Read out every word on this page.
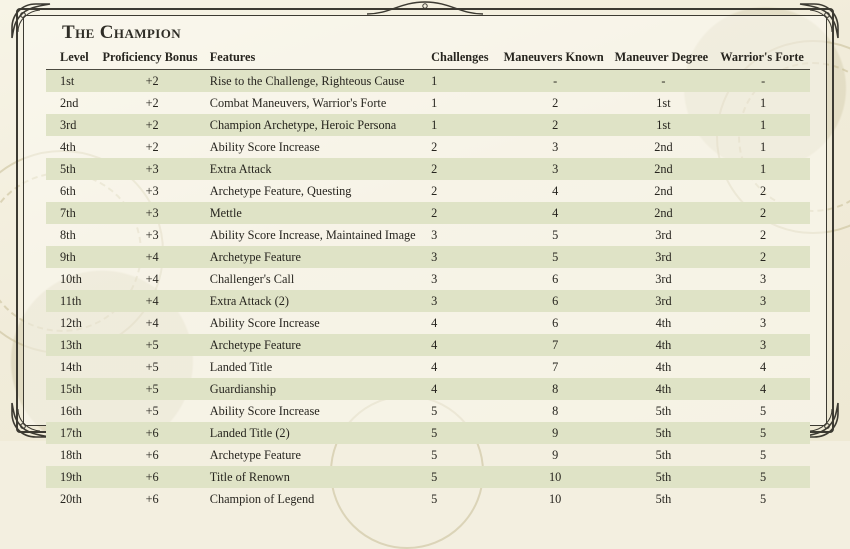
The Champion
Level	Proficiency Bonus	Features	Challenges	Maneuvers Known	Maneuver Degree	Warrior's Forte
1st	+2	Rise to the Challenge, Righteous Cause	1	-	-	-
2nd	+2	Combat Maneuvers, Warrior's Forte	1	2	1st	1
3rd	+2	Champion Archetype, Heroic Persona	1	2	1st	1
4th	+2	Ability Score Increase	2	3	2nd	1
5th	+3	Extra Attack	2	3	2nd	1
6th	+3	Archetype Feature, Questing	2	4	2nd	2
7th	+3	Mettle	2	4	2nd	2
8th	+3	Ability Score Increase, Maintained Image	3	5	3rd	2
9th	+4	Archetype Feature	3	5	3rd	2
10th	+4	Challenger's Call	3	6	3rd	3
11th	+4	Extra Attack (2)	3	6	3rd	3
12th	+4	Ability Score Increase	4	6	4th	3
13th	+5	Archetype Feature	4	7	4th	3
14th	+5	Landed Title	4	7	4th	4
15th	+5	Guardianship	4	8	4th	4
16th	+5	Ability Score Increase	5	8	5th	5
17th	+6	Landed Title (2)	5	9	5th	5
18th	+6	Archetype Feature	5	9	5th	5
19th	+6	Title of Renown	5	10	5th	5
20th	+6	Champion of Legend	5	10	5th	5
